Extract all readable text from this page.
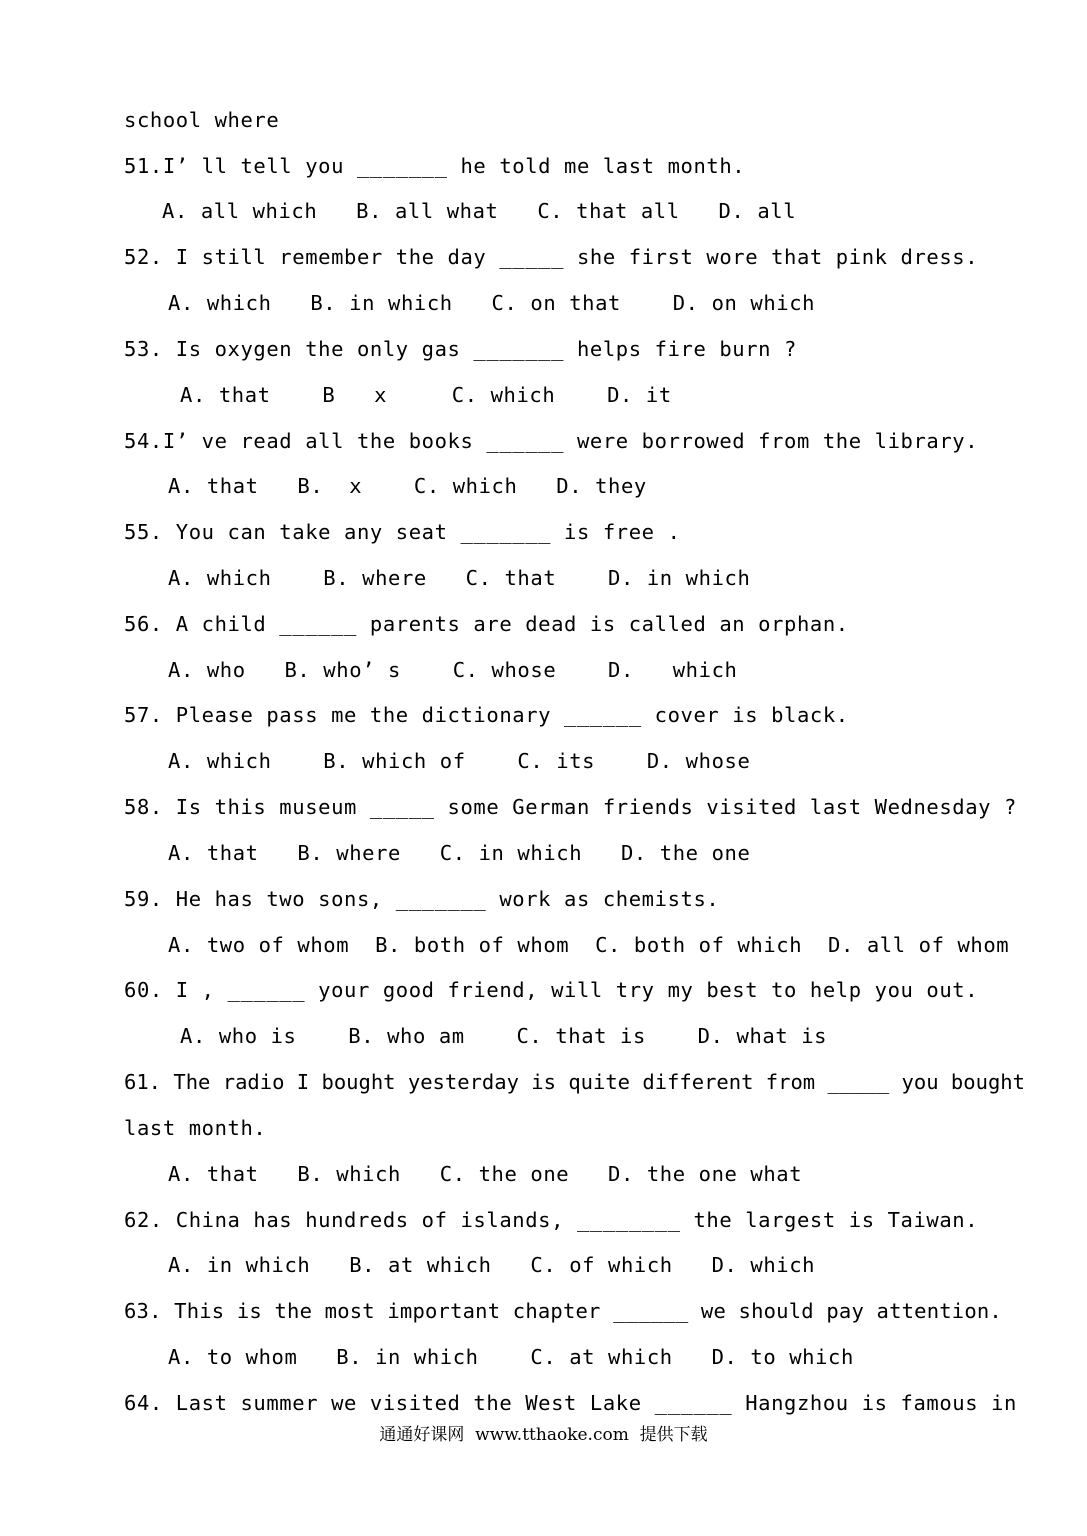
school where
51.I’ ll tell you _______ he told me last month.
A. all which   B. all what   C. that all   D. all
52. I still remember the day _____ she first wore that pink dress.
A. which   B. in which   C. on that    D. on which
53. Is oxygen the only gas _______ helps fire burn ?
A. that    B   x     C. which    D. it
54.I’ ve read all the books ______ were borrowed from the library.
A. that   B.  x    C. which   D. they
55. You can take any seat _______ is free .
A. which    B. where   C. that    D. in which
56. A child ______ parents are dead is called an orphan.
A. who   B. who’ s    C. whose    D.   which
57. Please pass me the dictionary ______ cover is black.
A. which    B. which of    C. its    D. whose
58. Is this museum _____ some German friends visited last Wednesday ?
A. that   B. where   C. in which   D. the one
59. He has two sons, _______ work as chemists.
A. two of whom  B. both of whom  C. both of which  D. all of whom
60. I , ______ your good friend, will try my best to help you out.
A. who is    B. who am    C. that is    D. what is
61. The radio I bought yesterday is quite different from _____ you bought
last month.
A. that   B. which   C. the one   D. the one what
62. China has hundreds of islands, ________ the largest is Taiwan.
A. in which   B. at which   C. of which   D. which
63. This is the most important chapter ______ we should pay attention.
A. to whom   B. in which    C. at which   D. to which
64. Last summer we visited the West Lake ______ Hangzhou is famous in
通通好课网  www.tthaoke.com  提供下载
